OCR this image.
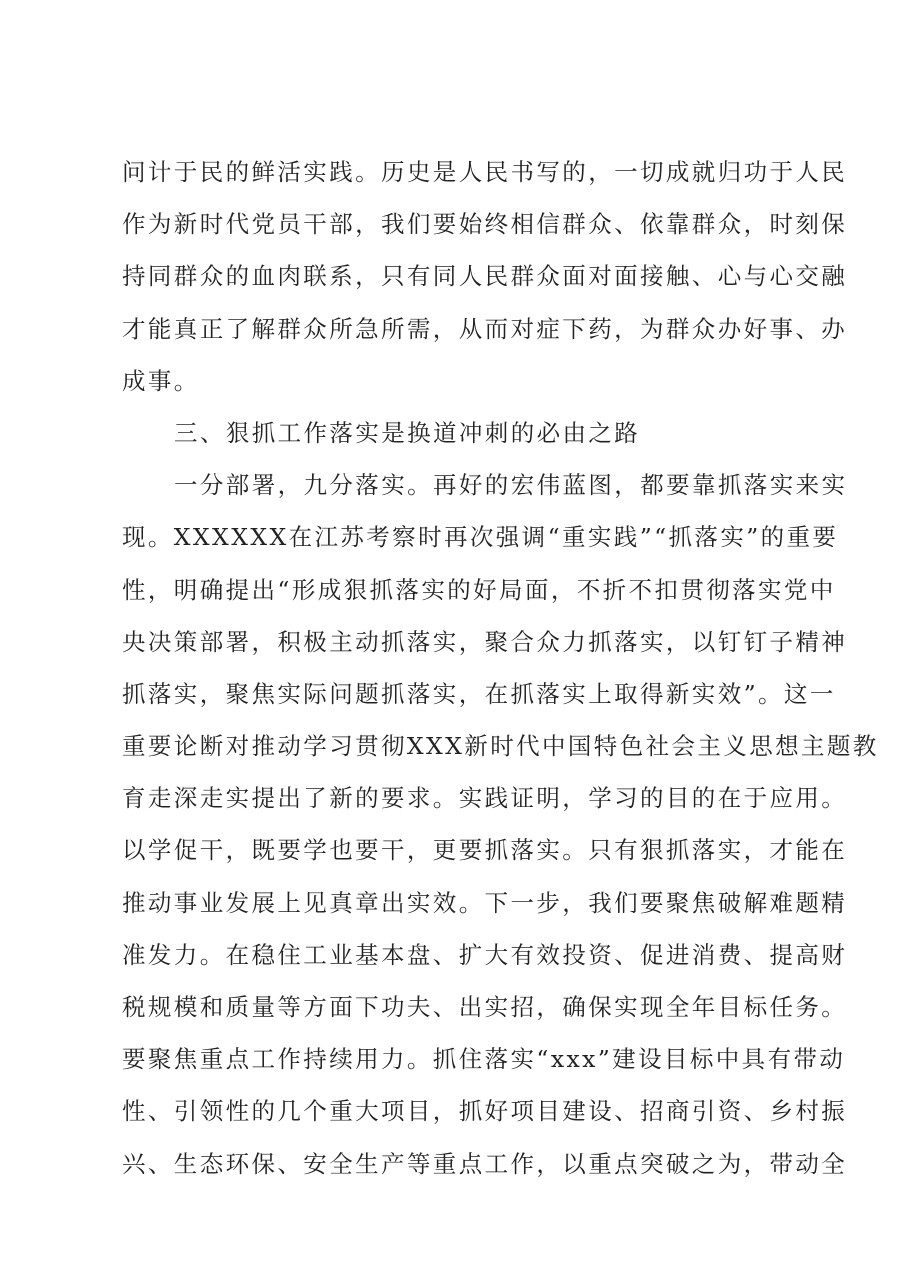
问计于民的鲜活实践。历史是人民书写的，一切成就归功于人民
作为新时代党员干部，我们要始终相信群众、依靠群众，时刻保
持同群众的血肉联系，只有同人民群众面对面接触、心与心交融
才能真正了解群众所急所需，从而对症下药，为群众办好事、办
成事。
三、狠抓工作落实是换道冲刺的必由之路
一分部署，九分落实。再好的宏伟蓝图，都要靠抓落实来实
现。XXXXXX在江苏考察时再次强调“重实践”“抓落实”的重要
性，明确提出“形成狠抓落实的好局面，不折不扣贯彻落实党中
央决策部署，积极主动抓落实，聚合众力抓落实，以钉钉子精神
抓落实，聚焦实际问题抓落实，在抓落实上取得新实效”。这一
重要论断对推动学习贯彻XXX新时代中国特色社会主义思想主题教
育走深走实提出了新的要求。实践证明，学习的目的在于应用。
以学促干，既要学也要干，更要抓落实。只有狠抓落实，才能在
推动事业发展上见真章出实效。下一步，我们要聚焦破解难题精
准发力。在稳住工业基本盘、扩大有效投资、促进消费、提高财
税规模和质量等方面下功夫、出实招，确保实现全年目标任务。
要聚焦重点工作持续用力。抓住落实“xxx”建设目标中具有带动
性、引领性的几个重大项目，抓好项目建设、招商引资、乡村振
兴、生态环保、安全生产等重点工作，以重点突破之为，带动全
